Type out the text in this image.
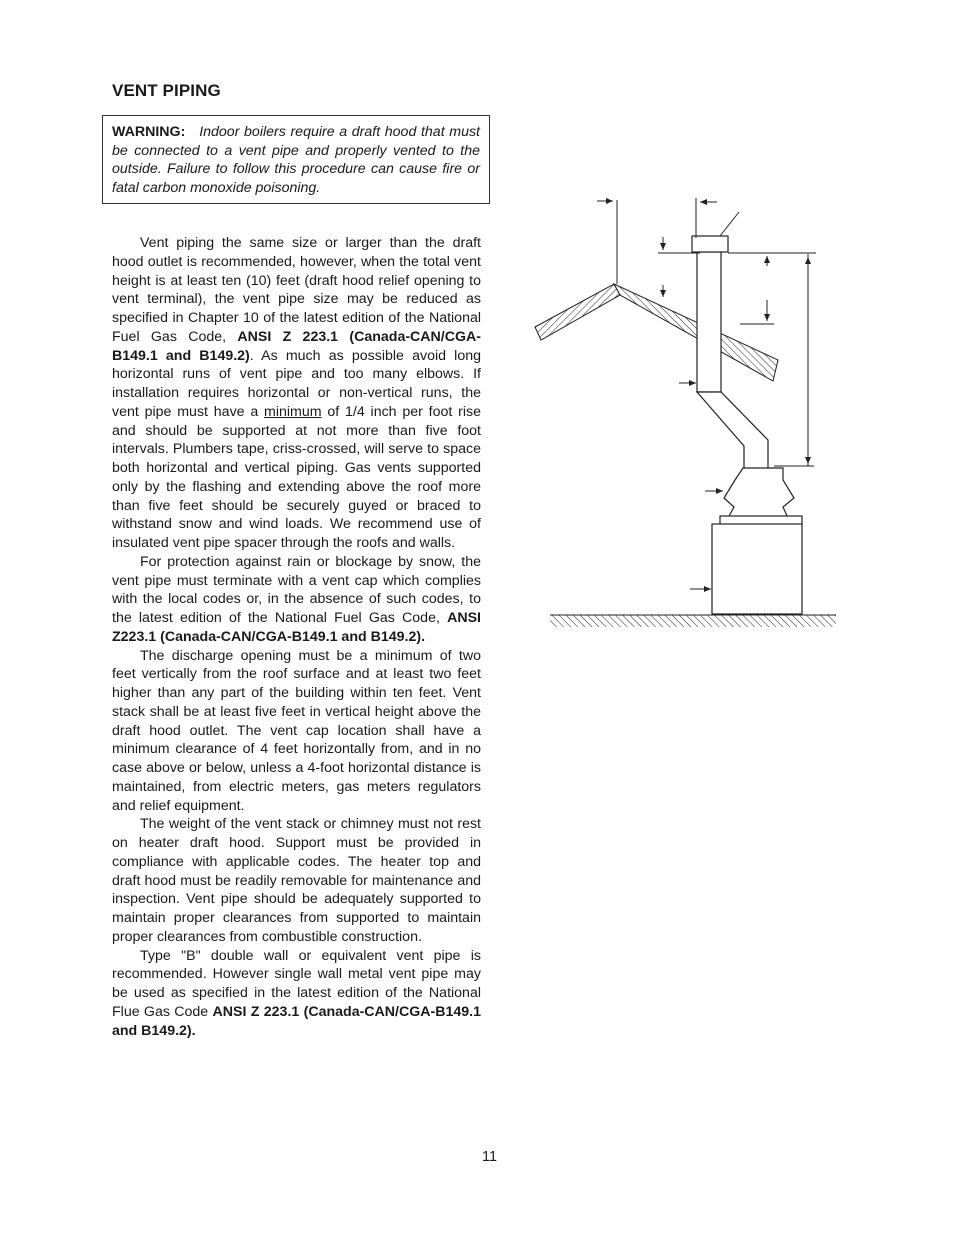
VENT PIPING
WARNING: Indoor boilers require a draft hood that must be connected to a vent pipe and properly vented to the outside. Failure to follow this procedure can cause fire or fatal carbon monoxide poisoning.

Vent piping the same size or larger than the draft hood outlet is recommended, however, when the total vent height is at least ten (10) feet (draft hood relief opening to vent terminal), the vent pipe size may be reduced as specified in Chapter 10 of the latest edition of the National Fuel Gas Code, ANSI Z 223.1 (Canada-CAN/CGA-B149.1 and B149.2). As much as possible avoid long horizontal runs of vent pipe and too many elbows. If installation requires horizontal or non-vertical runs, the vent pipe must have a minimum of 1/4 inch per foot rise and should be supported at not more than five foot intervals. Plumbers tape, criss-crossed, will serve to space both horizontal and vertical piping. Gas vents supported only by the flashing and extending above the roof more than five feet should be securely guyed or braced to withstand snow and wind loads. We recommend use of insulated vent pipe spacer through the roofs and walls.

For protection against rain or blockage by snow, the vent pipe must terminate with a vent cap which complies with the local codes or, in the absence of such codes, to the latest edition of the National Fuel Gas Code, ANSI Z223.1 (Canada-CAN/CGA-B149.1 and B149.2).

The discharge opening must be a minimum of two feet vertically from the roof surface and at least two feet higher than any part of the building within ten feet. Vent stack shall be at least five feet in vertical height above the draft hood outlet. The vent cap location shall have a minimum clearance of 4 feet horizontally from, and in no case above or below, unless a 4-foot horizontal distance is maintained, from electric meters, gas meters regulators and relief equipment.

The weight of the vent stack or chimney must not rest on heater draft hood. Support must be provided in compliance with applicable codes. The heater top and draft hood must be readily removable for maintenance and inspection. Vent pipe should be adequately supported to maintain proper clearances from supported to maintain proper clearances from combustible construction.

Type "B" double wall or equivalent vent pipe is recommended. However single wall metal vent pipe may be used as specified in the latest edition of the National Flue Gas Code ANSI Z 223.1 (Canada-CAN/CGA-B149.1 and B149.2).

11
